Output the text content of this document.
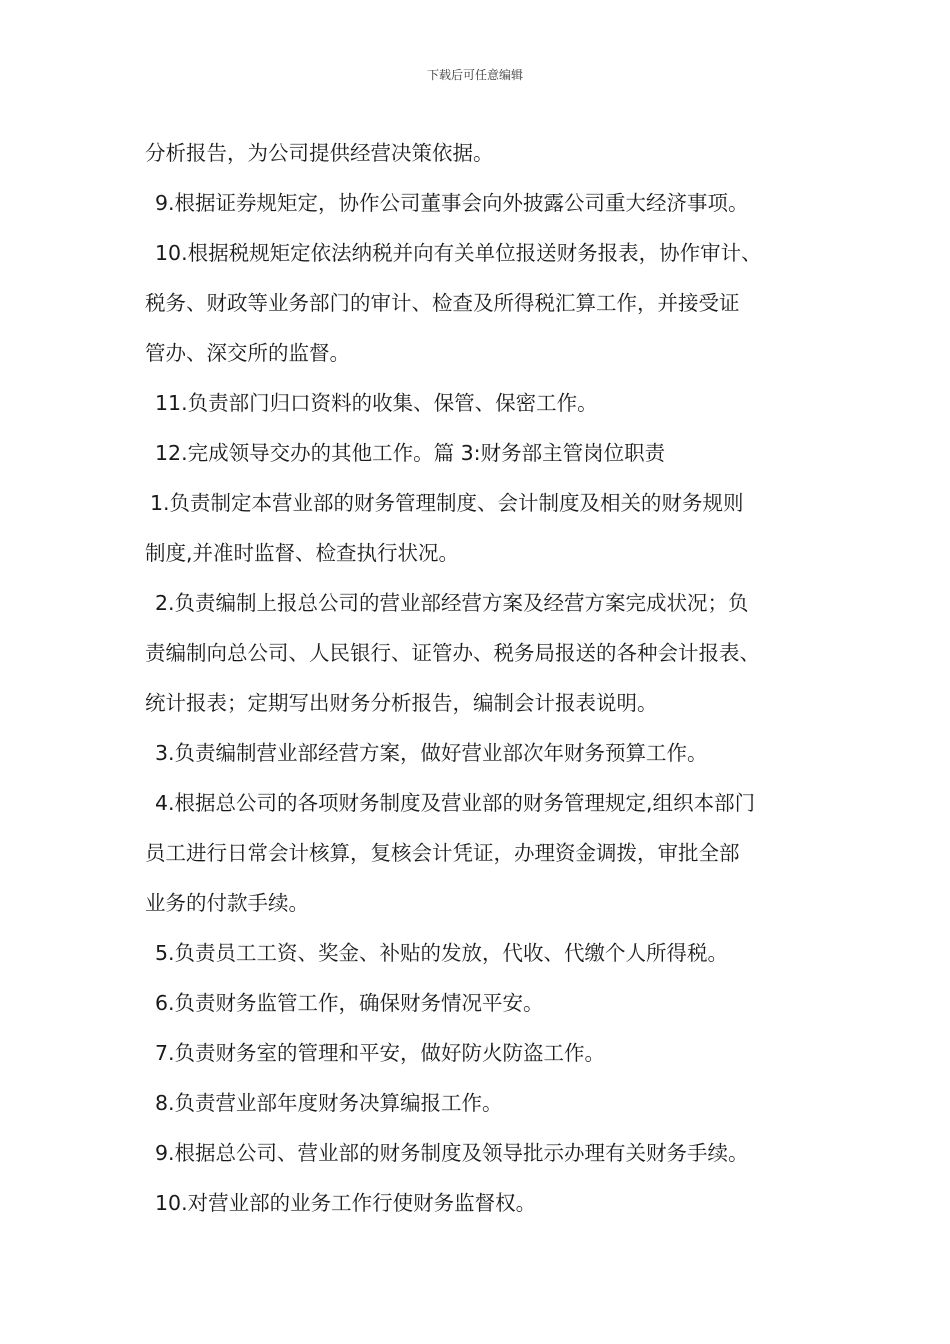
下载后可任意编辑
分析报告，为公司提供经营决策依据。
9.根据证券规矩定，协作公司董事会向外披露公司重大经济事项。
10.根据税规矩定依法纳税并向有关单位报送财务报表，协作审计、
税务、财政等业务部门的审计、检查及所得税汇算工作，并接受证
管办、深交所的监督。
11.负责部门归口资料的收集、保管、保密工作。
12.完成领导交办的其他工作。篇 3:财务部主管岗位职责
1.负责制定本营业部的财务管理制度、会计制度及相关的财务规则
制度,并准时监督、检查执行状况。
2.负责编制上报总公司的营业部经营方案及经营方案完成状况；负
责编制向总公司、人民银行、证管办、税务局报送的各种会计报表、
统计报表；定期写出财务分析报告，编制会计报表说明。
3.负责编制营业部经营方案，做好营业部次年财务预算工作。
4.根据总公司的各项财务制度及营业部的财务管理规定,组织本部门
员工进行日常会计核算，复核会计凭证，办理资金调拨，审批全部
业务的付款手续。
5.负责员工工资、奖金、补贴的发放，代收、代缴个人所得税。
6.负责财务监管工作，确保财务情况平安。
7.负责财务室的管理和平安，做好防火防盗工作。
8.负责营业部年度财务决算编报工作。
9.根据总公司、营业部的财务制度及领导批示办理有关财务手续。
10.对营业部的业务工作行使财务监督权。
